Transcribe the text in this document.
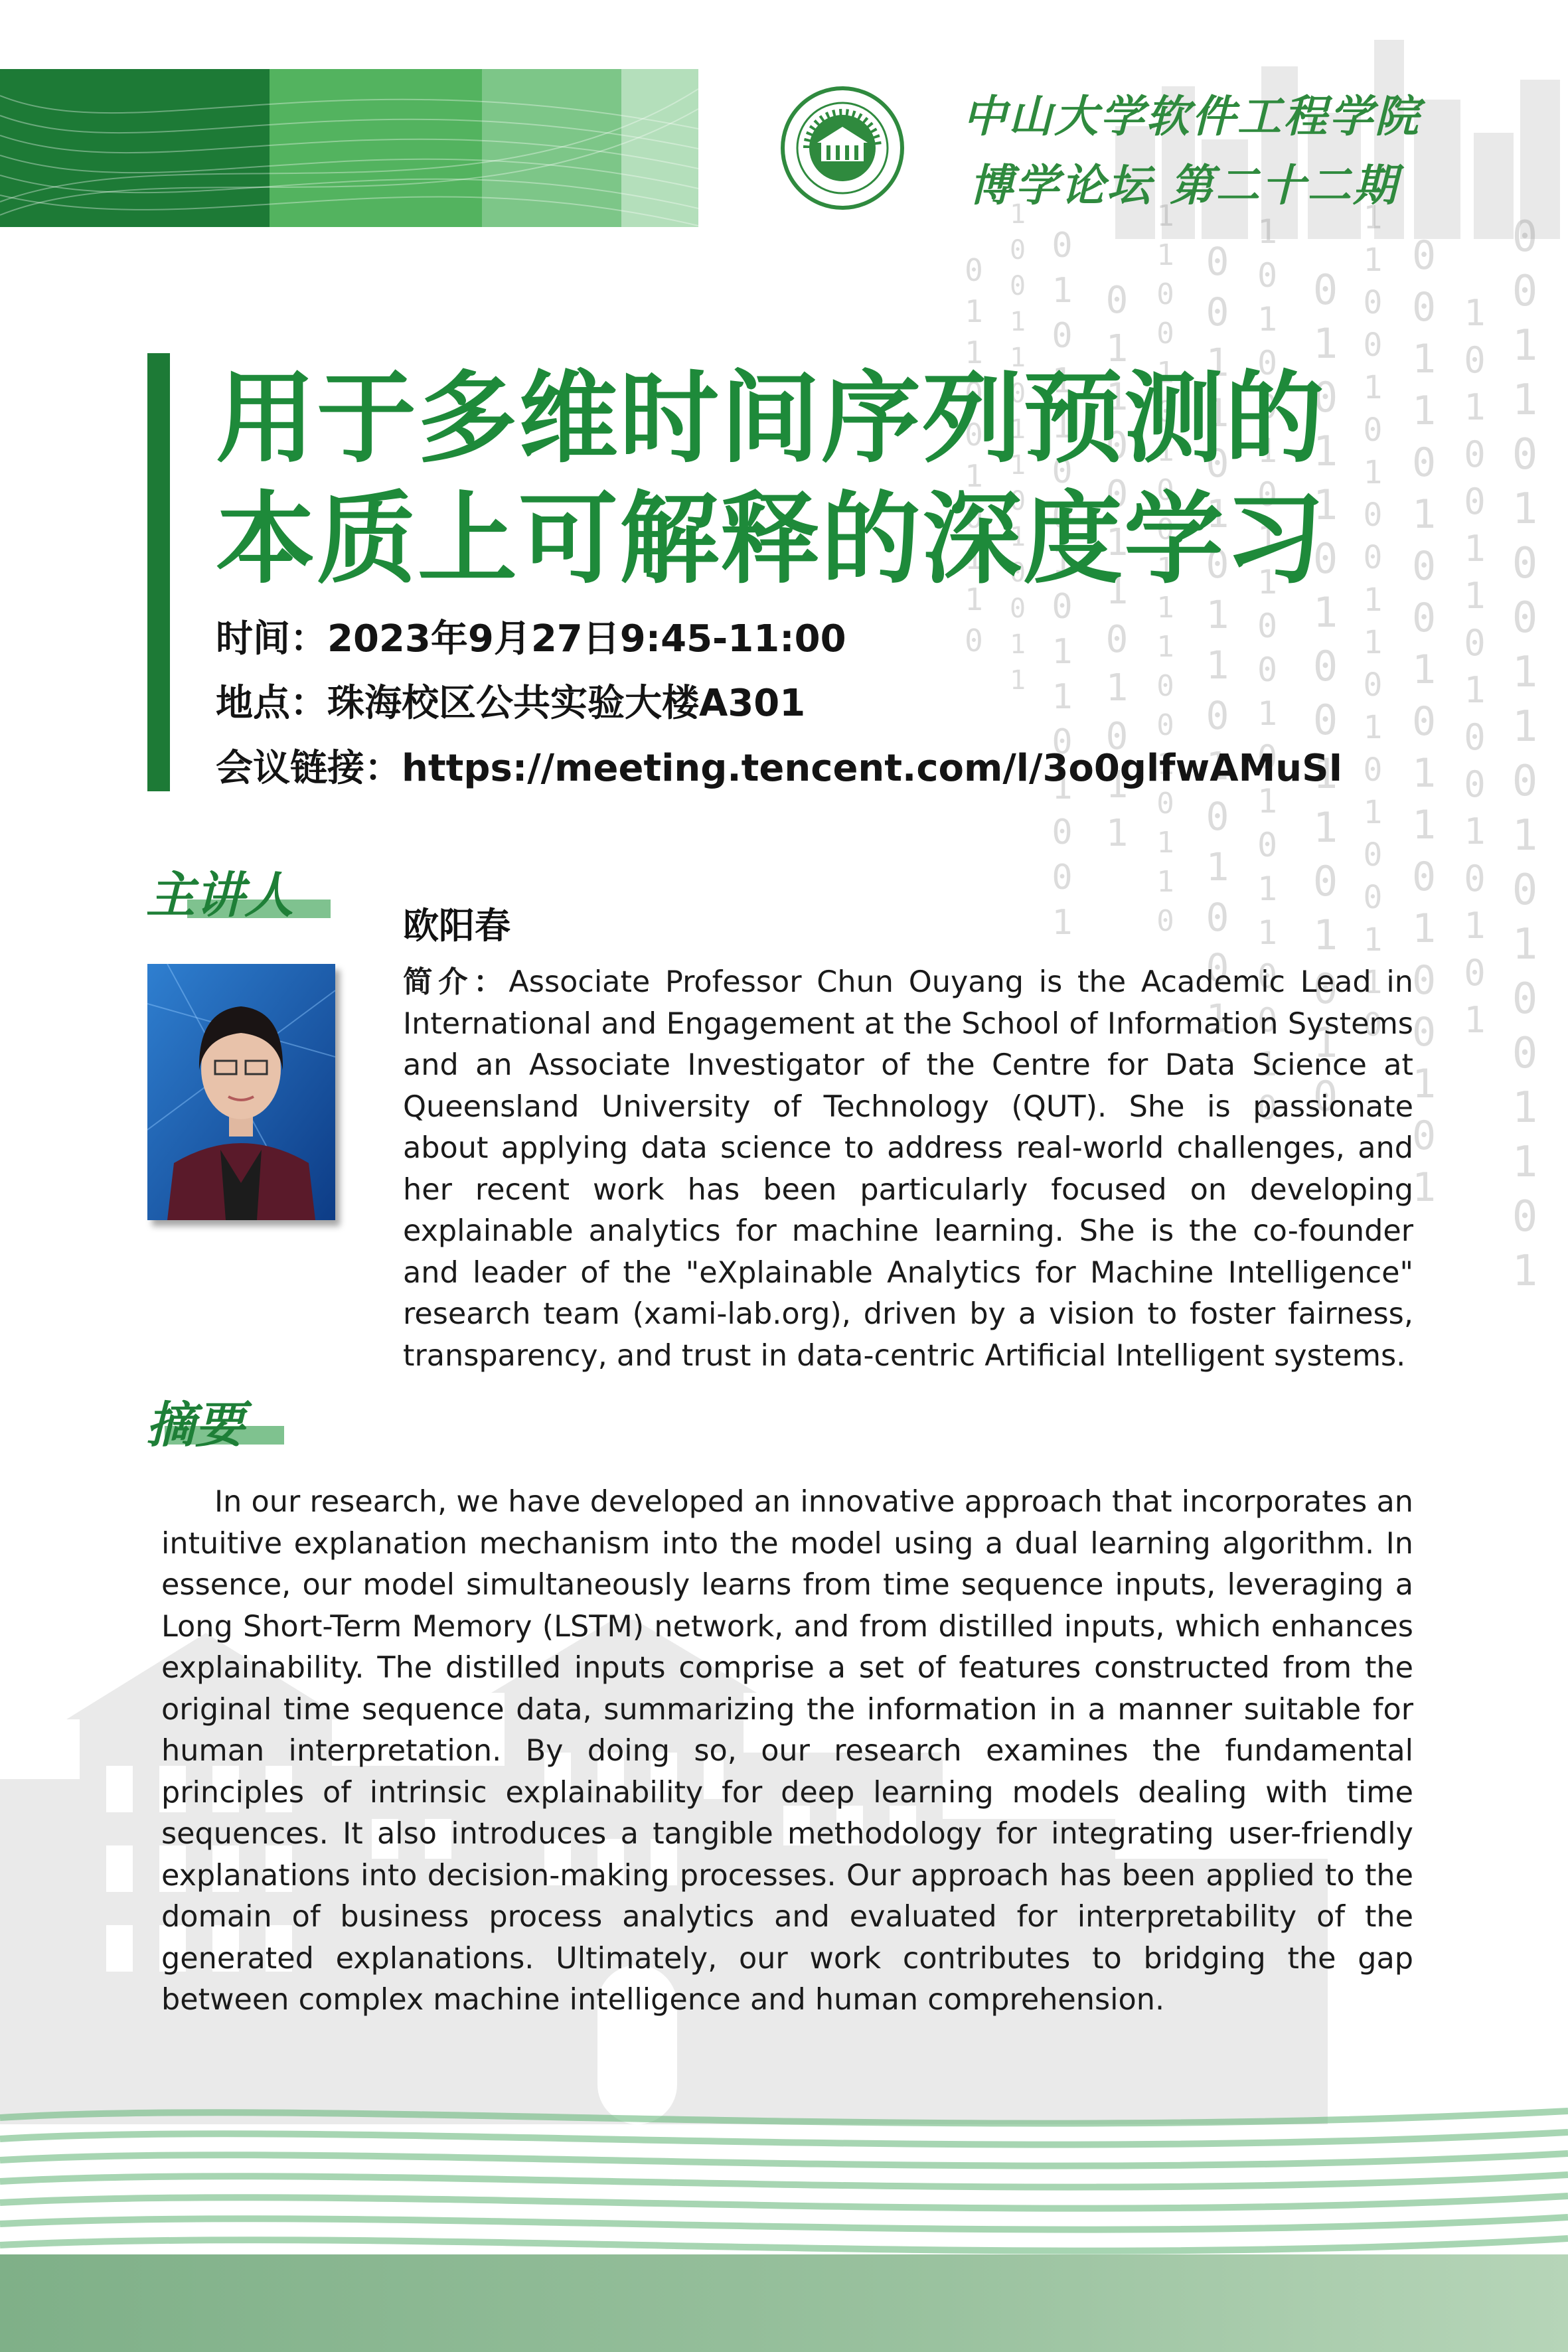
0110010110 10011011010011 0101100101101001 011001101011 1100101001110010110 0011010110101001 101001011001010110010 0101101001101010 11001010011010100110 0011010010110100101 1010011010010101 00110100110101001101
中山大学软件工程学院
博学论坛 第二十二期
用于多维时间序列预测的
本质上可解释的深度学习
时间：2023年9月27日9:45-11:00
地点：珠海校区公共实验大楼A301
会议链接：https://meeting.tencent.com/l/3o0glfwAMuSI
主讲人
欧阳春
简介：Associate Professor Chun Ouyang is the Academic Lead in International and Engagement at the School of Information Systems and an Associate Investigator of the Centre for Data Science at Queensland University of Technology (QUT). She is passionate about applying data science to address real-world challenges, and her recent work has been particularly focused on developing explainable analytics for machine learning. She is the co-founder and leader of the "eXplainable Analytics for Machine Intelligence" research team (xami-lab.org), driven by a vision to foster fairness, transparency, and trust in data-centric Artificial Intelligent systems.
摘要
In our research, we have developed an innovative approach that incorporates an intuitive explanation mechanism into the model using a dual learning algorithm. In essence, our model simultaneously learns from time sequence inputs, leveraging a Long Short-Term Memory (LSTM) network, and from distilled inputs, which enhances explainability. The distilled inputs comprise a set of features constructed from the original time sequence data, summarizing the information in a manner suitable for human interpretation. By doing so, our research examines the fundamental principles of intrinsic explainability for deep learning models dealing with time sequences. It also introduces a tangible methodology for integrating user-friendly explanations into decision-making processes. Our approach has been applied to the domain of business process analytics and evaluated for interpretability of the generated explanations. Ultimately, our work contributes to bridging the gap between complex machine intelligence and human comprehension.
